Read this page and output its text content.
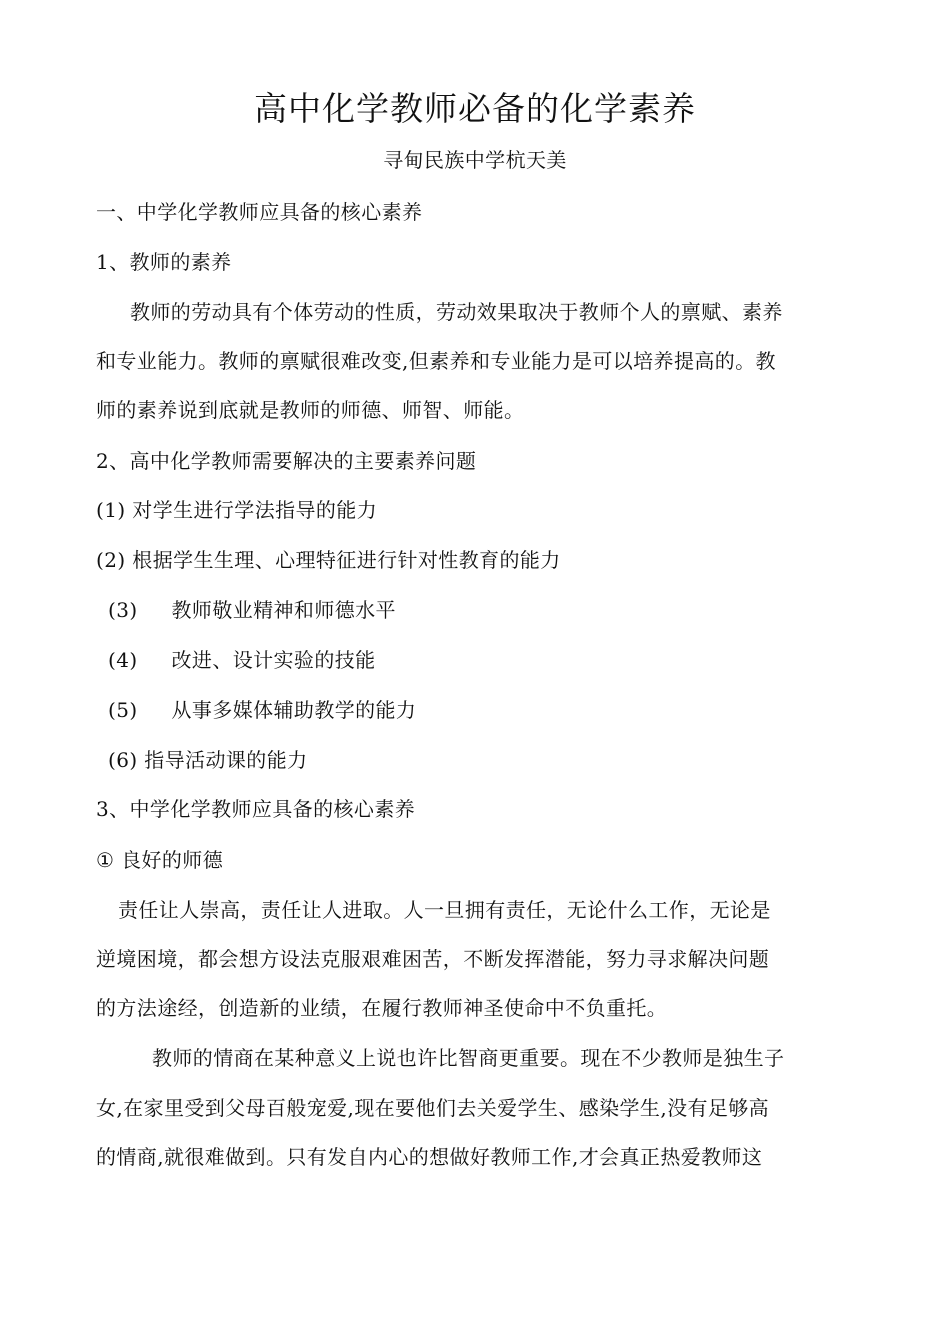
高中化学教师必备的化学素养
寻甸民族中学杭天美
一、中学化学教师应具备的核心素养
1、教师的素养
教师的劳动具有个体劳动的性质，劳动效果取决于教师个人的禀赋、素养
和专业能力。教师的禀赋很难改变,但素养和专业能力是可以培养提高的。教
师的素养说到底就是教师的师德、师智、师能。
2、高中化学教师需要解决的主要素养问题
(1) 对学生进行学法指导的能力
(2) 根据学生生理、心理特征进行针对性教育的能力
(3) 教师敬业精神和师德水平
(4) 改进、设计实验的技能
(5) 从事多媒体辅助教学的能力
(6) 指导活动课的能力
3、中学化学教师应具备的核心素养
① 良好的师德
责任让人崇高，责任让人进取。人一旦拥有责任，无论什么工作，无论是
逆境困境，都会想方设法克服艰难困苦，不断发挥潜能，努力寻求解决问题
的方法途经，创造新的业绩，在履行教师神圣使命中不负重托。
教师的情商在某种意义上说也许比智商更重要。现在不少教师是独生子
女,在家里受到父母百般宠爱,现在要他们去关爱学生、感染学生,没有足够高
的情商,就很难做到。只有发自内心的想做好教师工作,才会真正热爱教师这
